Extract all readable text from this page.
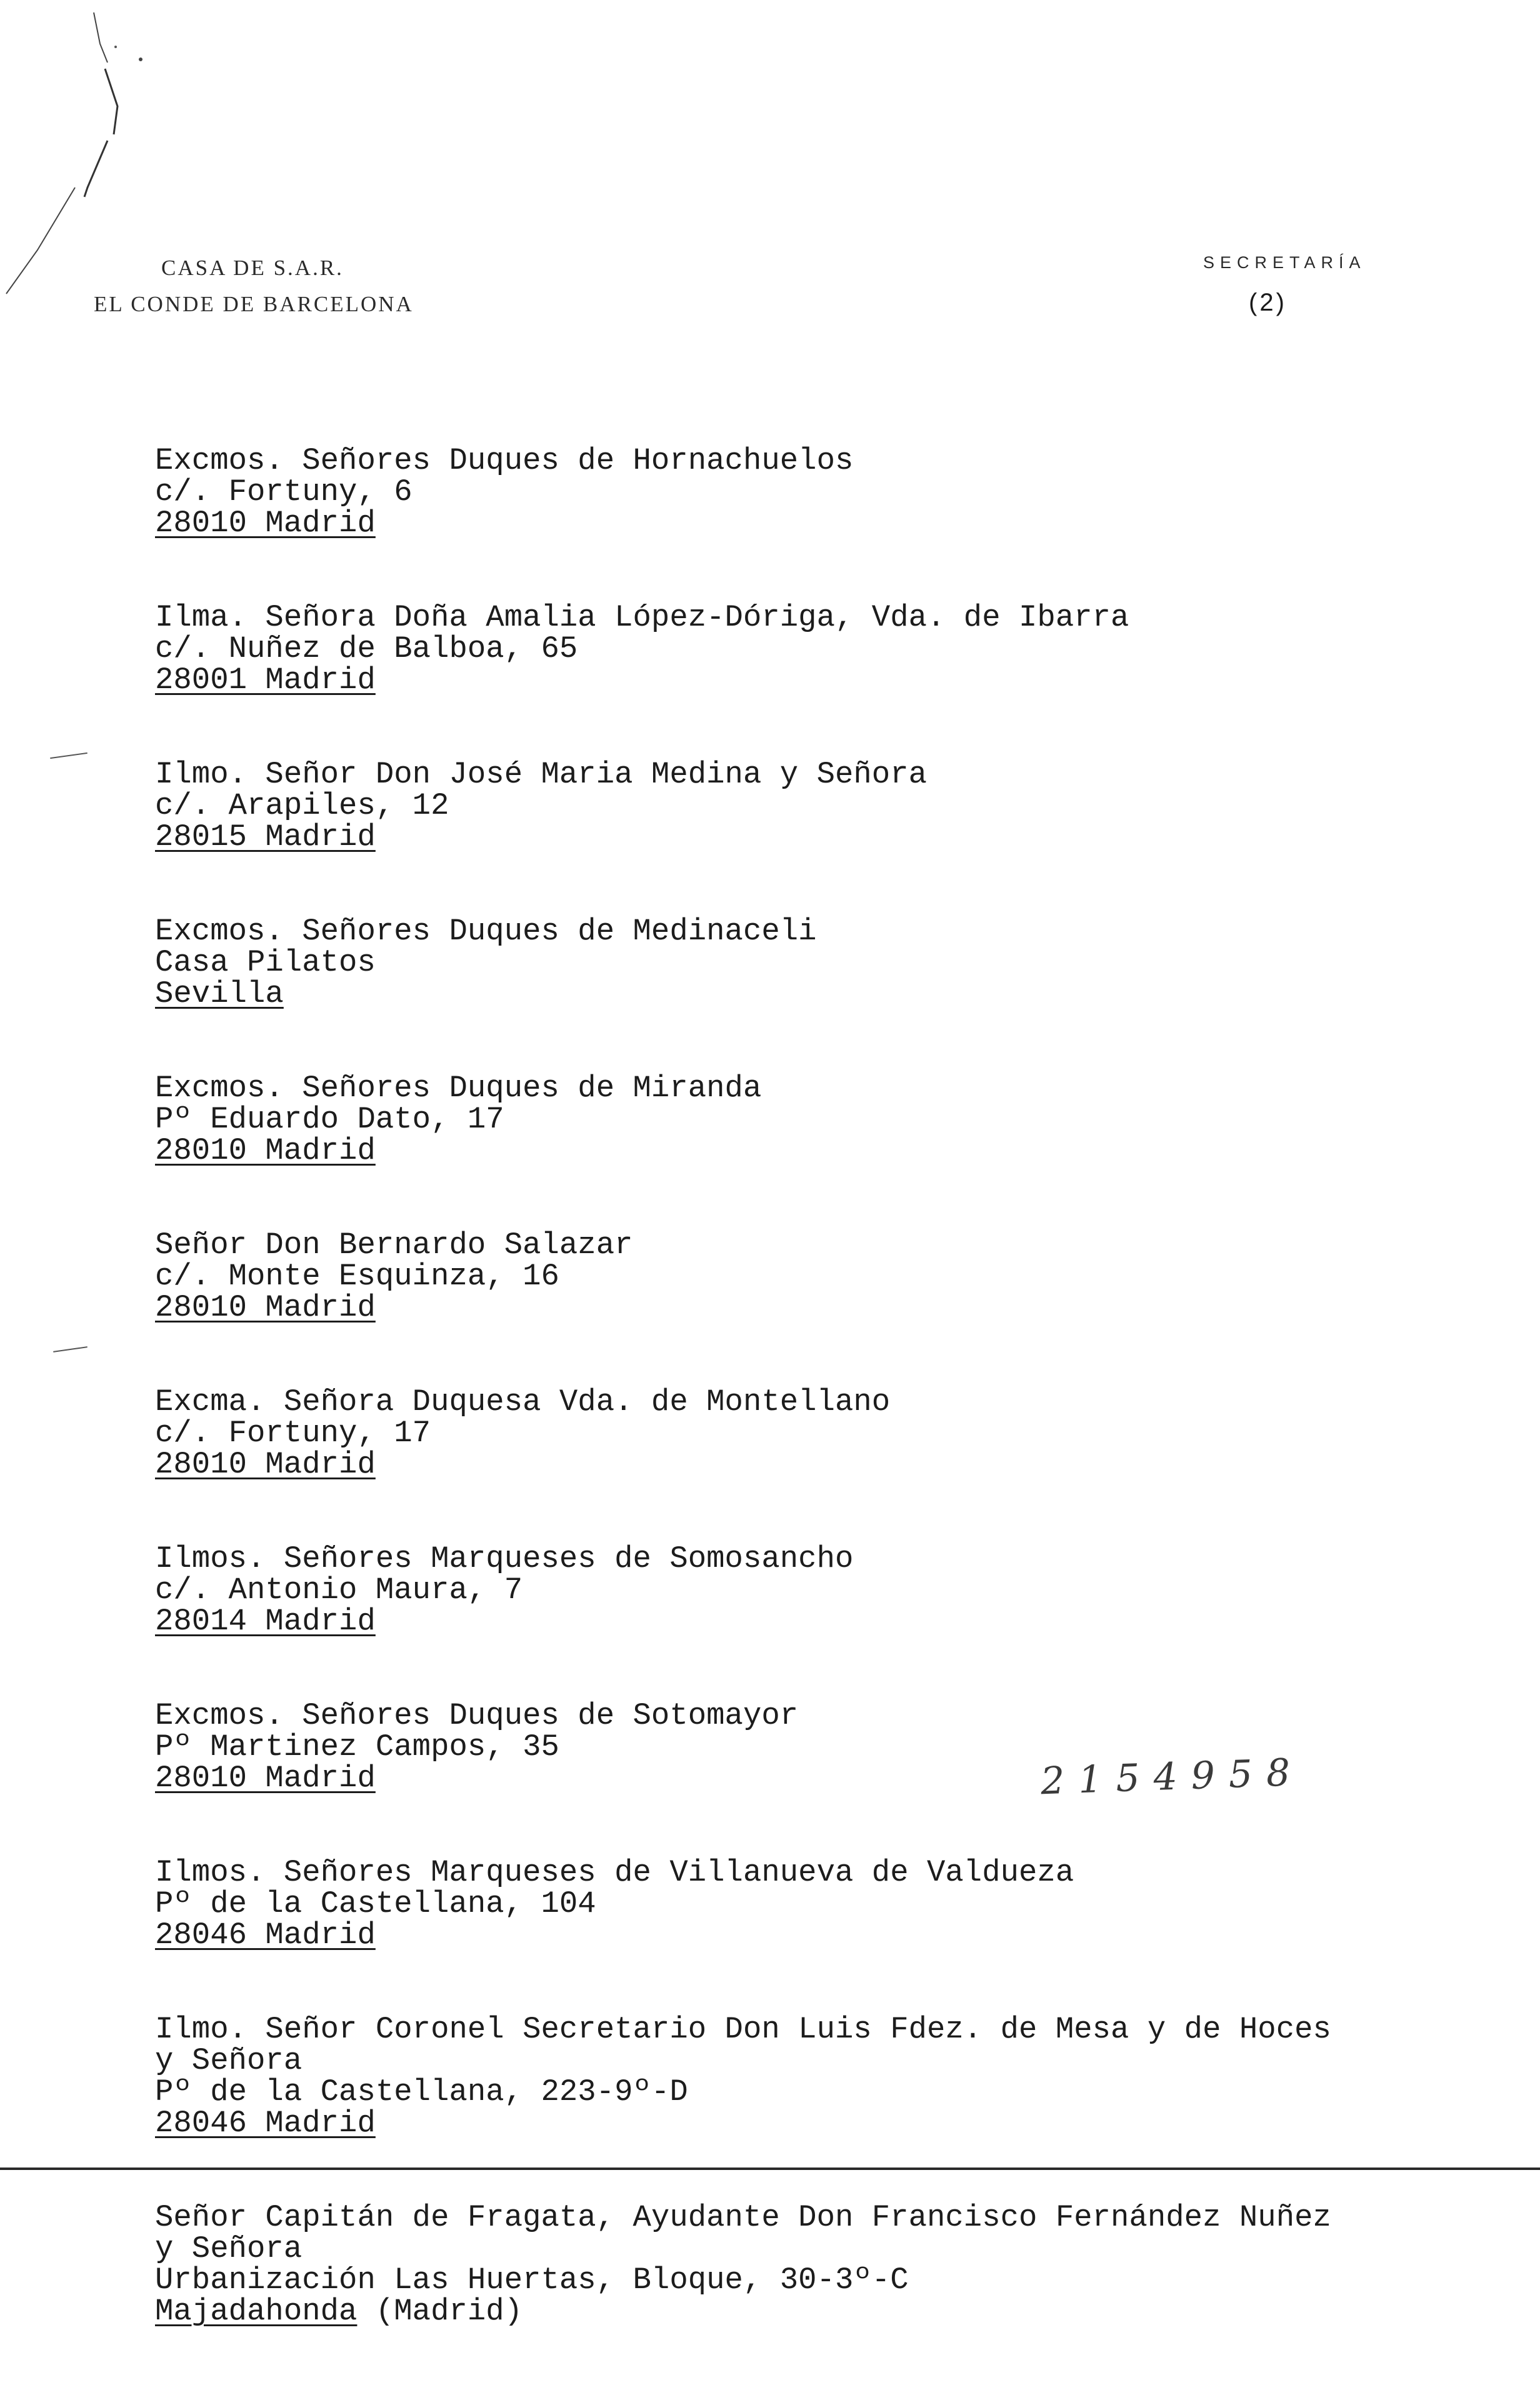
CASA DE S.A.R.
EL CONDE DE BARCELONA
SECRETARÍA
(2)
Excmos. Señores Duques de Hornachuelos
c/. Fortuny, 6
28010 Madrid
Ilma. Señora Doña Amalia López-Dóriga, Vda. de Ibarra
c/. Nuñez de Balboa, 65
28001 Madrid
Ilmo. Señor Don José Maria Medina y Señora
c/. Arapiles, 12
28015 Madrid
Excmos. Señores Duques de Medinaceli
Casa Pilatos
Sevilla
Excmos. Señores Duques de Miranda
Pº Eduardo Dato, 17
28010 Madrid
Señor Don Bernardo Salazar
c/. Monte Esquinza, 16
28010 Madrid
Excma. Señora Duquesa Vda. de Montellano
c/. Fortuny, 17
28010 Madrid
Ilmos. Señores Marqueses de Somosancho
c/. Antonio Maura, 7
28014 Madrid
Excmos. Señores Duques de Sotomayor
Pº Martinez Campos, 35
28010 Madrid
Ilmos. Señores Marqueses de Villanueva de Valdueza
Pº de la Castellana, 104
28046 Madrid
Ilmo. Señor Coronel Secretario Don Luis Fdez. de Mesa y de Hoces
y Señora
Pº de la Castellana, 223-9º-D
28046 Madrid
Señor Capitán de Fragata, Ayudante Don Francisco Fernández Nuñez
y Señora
Urbanización Las Huertas, Bloque, 30-3º-C
Majadahonda (Madrid)
2154958
